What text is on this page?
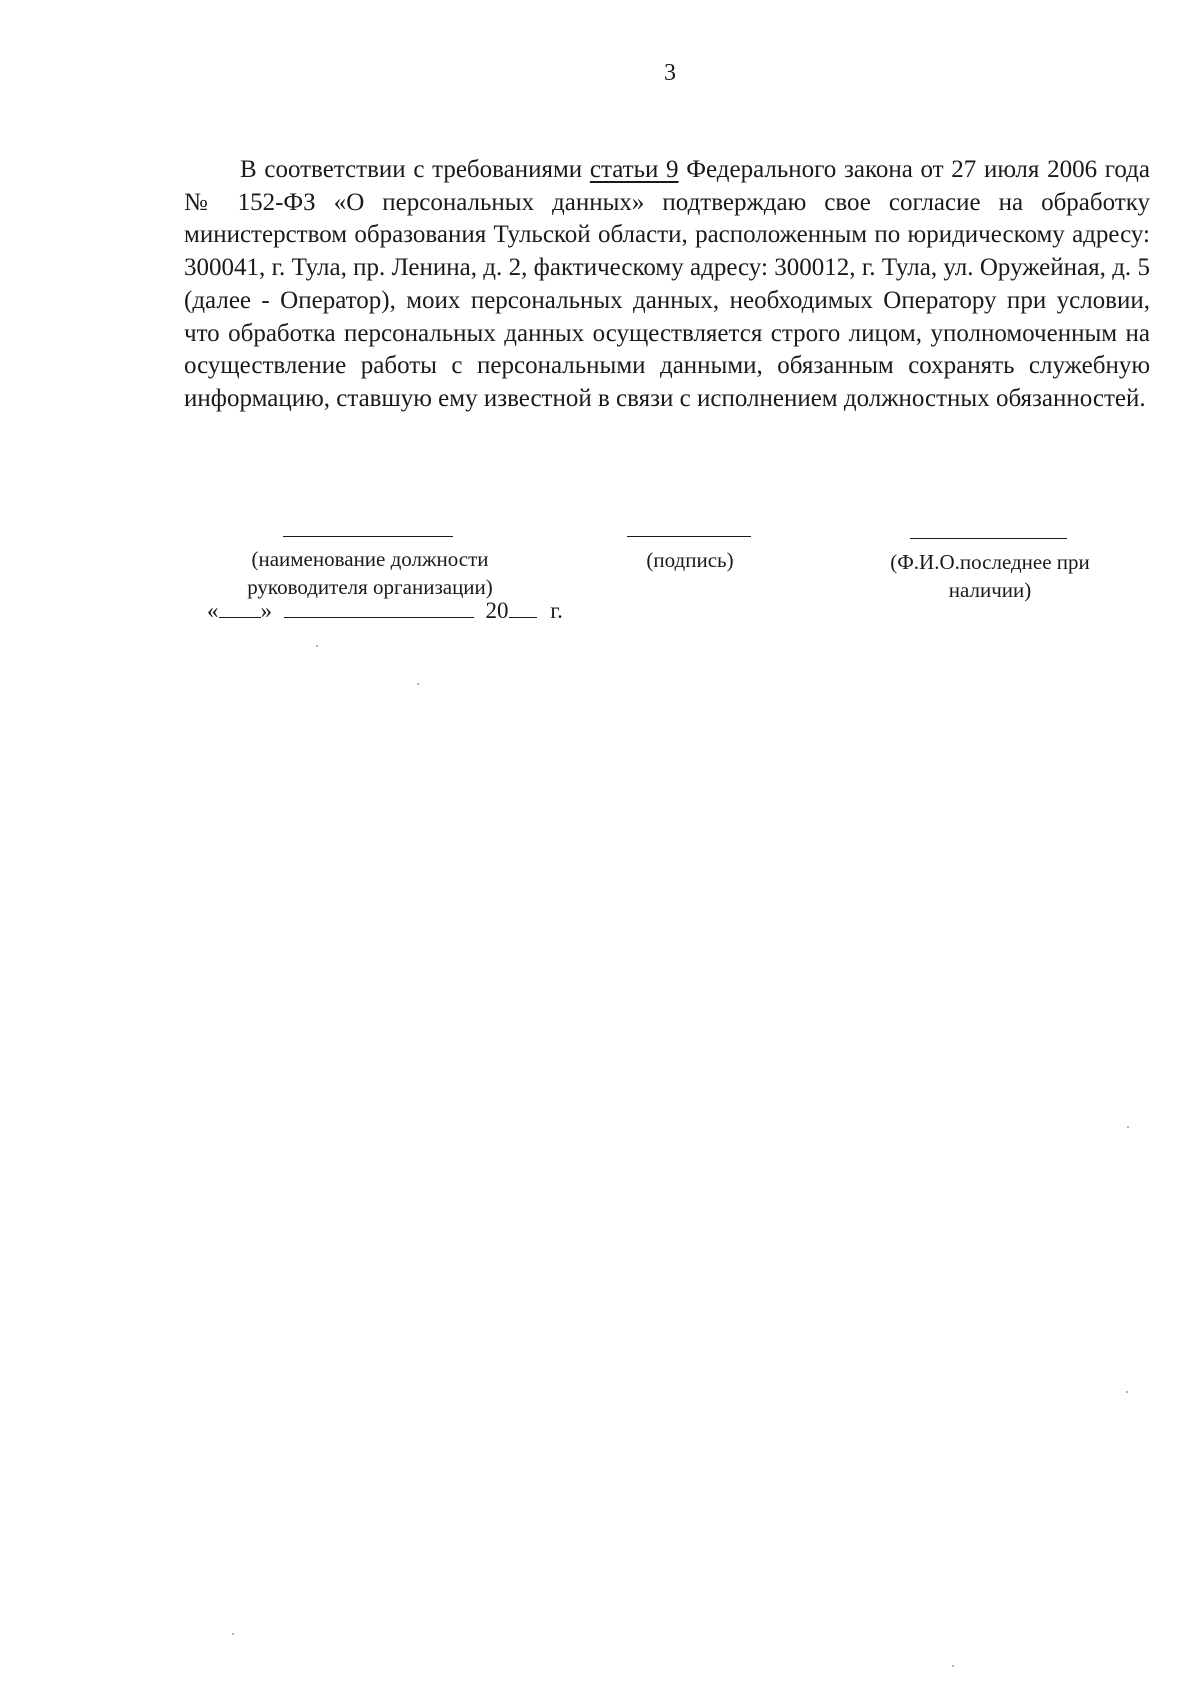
3

В соответствии с требованиями статьи 9 Федерального закона от 27 июля 2006 года № 152-ФЗ «О персональных данных» подтверждаю свое согласие на обработку министерством образования Тульской области, расположенным по юридическому адресу: 300041, г. Тула, пр. Ленина, д. 2, фактическому адресу: 300012, г. Тула, ул. Оружейная, д. 5 (далее - Оператор), моих персональных данных, необходимых Оператору при условии, что обработка персональных данных осуществляется строго лицом, уполномоченным на осуществление работы с персональными данными, обязанным сохранять служебную информацию, ставшую ему известной в связи с исполнением должностных обязанностей.

(наименование должности
руководителя организации)
(подпись)	(Ф.И.О.последнее при
наличии)
« »	20 г.
